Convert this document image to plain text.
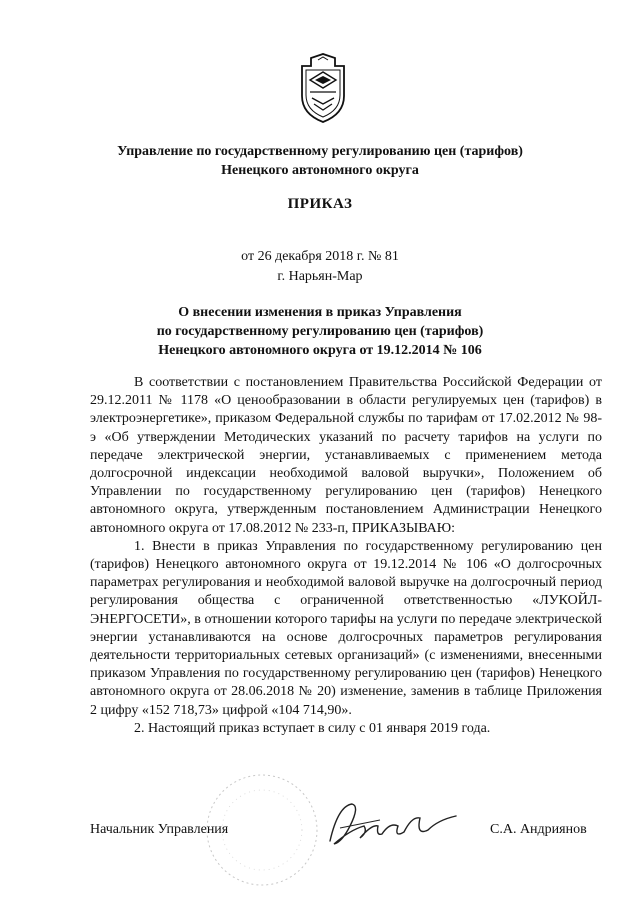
Управление по государственному регулированию цен (тарифов)
Ненецкого автономного округа
ПРИКАЗ
от 26 декабря 2018 г. № 81
г. Нарьян-Мар
О внесении изменения в приказ Управления
по государственному регулированию цен (тарифов)
Ненецкого автономного округа от 19.12.2014 № 106

В соответствии с постановлением Правительства Российской Федерации от 29.12.2011 № 1178 «О ценообразовании в области регулируемых цен (тарифов) в электроэнергетике», приказом Федеральной службы по тарифам от 17.02.2012 № 98-э «Об утверждении Методических указаний по расчету тарифов на услуги по передаче электрической энергии, устанавливаемых с применением метода долгосрочной индексации необходимой валовой выручки», Положением об Управлении по государственному регулированию цен (тарифов) Ненецкого автономного округа, утвержденным постановлением Администрации Ненецкого автономного округа от 17.08.2012 № 233-п, ПРИКАЗЫВАЮ:

1. Внести в приказ Управления по государственному регулированию цен (тарифов) Ненецкого автономного округа от 19.12.2014 № 106 «О долгосрочных параметрах регулирования и необходимой валовой выручке на долгосрочный период регулирования общества с ограниченной ответственностью «ЛУКОЙЛ-ЭНЕРГОСЕТИ», в отношении которого тарифы на услуги по передаче электрической энергии устанавливаются на основе долгосрочных параметров регулирования деятельности территориальных сетевых организаций» (с изменениями, внесенными приказом Управления по государственному регулированию цен (тарифов) Ненецкого автономного округа от 28.06.2018 № 20) изменение, заменив в таблице Приложения 2 цифру «152 718,73» цифрой «104 714,90».

2. Настоящий приказ вступает в силу с 01 января 2019 года.

Начальник Управления	С.А. Андриянов
